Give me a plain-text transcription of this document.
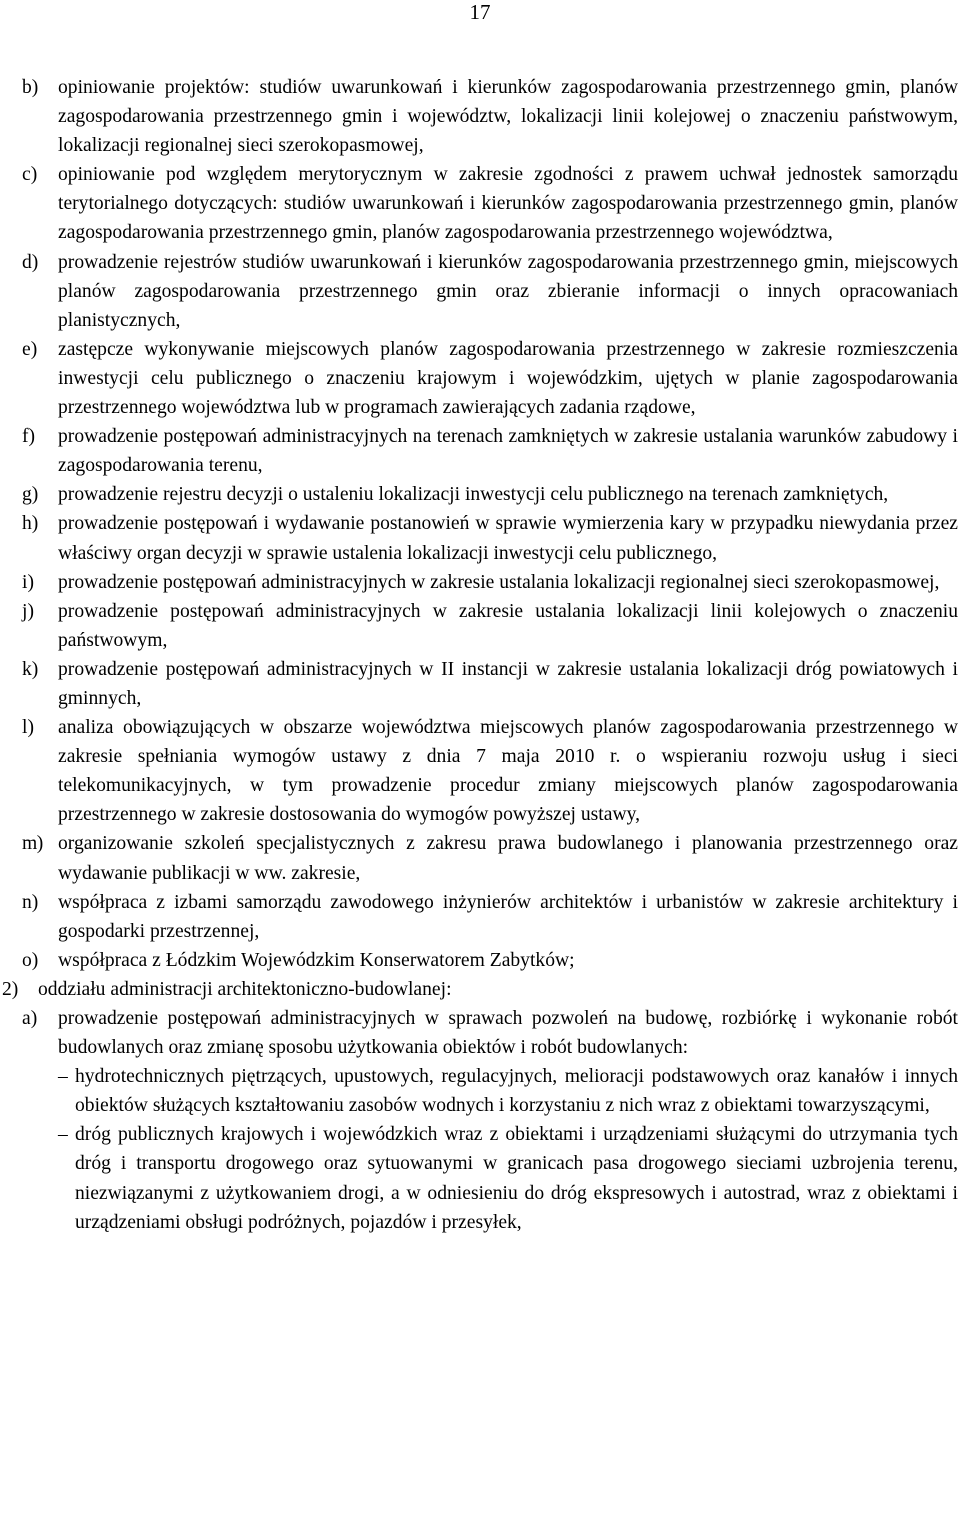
17
b) opiniowanie projektów: studiów uwarunkowań i kierunków zagospodarowania przestrzennego gmin, planów zagospodarowania przestrzennego gmin i województw, lokalizacji linii kolejowej o znaczeniu państwowym, lokalizacji regionalnej sieci szerokopasmowej,
c) opiniowanie pod względem merytorycznym w zakresie zgodności z prawem uchwał jednostek samorządu terytorialnego dotyczących: studiów uwarunkowań i kierunków zagospodarowania przestrzennego gmin, planów zagospodarowania przestrzennego gmin, planów zagospodarowania przestrzennego województwa,
d) prowadzenie rejestrów studiów uwarunkowań i kierunków zagospodarowania przestrzennego gmin, miejscowych planów zagospodarowania przestrzennego gmin oraz zbieranie informacji o innych opracowaniach planistycznych,
e) zastępcze wykonywanie miejscowych planów zagospodarowania przestrzennego w zakresie rozmieszczenia inwestycji celu publicznego o znaczeniu krajowym i wojewódzkim, ujętych w planie zagospodarowania przestrzennego województwa lub w programach zawierających zadania rządowe,
f) prowadzenie postępowań administracyjnych na terenach zamkniętych w zakresie ustalania warunków zabudowy i zagospodarowania terenu,
g) prowadzenie rejestru decyzji o ustaleniu lokalizacji inwestycji celu publicznego na terenach zamkniętych,
h) prowadzenie postępowań i wydawanie postanowień w sprawie wymierzenia kary w przypadku niewydania przez właściwy organ decyzji w sprawie ustalenia lokalizacji inwestycji celu publicznego,
i) prowadzenie postępowań administracyjnych w zakresie ustalania lokalizacji regionalnej sieci szerokopasmowej,
j) prowadzenie postępowań administracyjnych w zakresie ustalania lokalizacji linii kolejowych o znaczeniu państwowym,
k) prowadzenie postępowań administracyjnych w II instancji w zakresie ustalania lokalizacji dróg powiatowych i gminnych,
l) analiza obowiązujących w obszarze województwa miejscowych planów zagospodarowania przestrzennego w zakresie spełniania wymogów ustawy z dnia 7 maja 2010 r. o wspieraniu rozwoju usług i sieci telekomunikacyjnych, w tym prowadzenie procedur zmiany miejscowych planów zagospodarowania przestrzennego w zakresie dostosowania do wymogów powyższej ustawy,
m) organizowanie szkoleń specjalistycznych z zakresu prawa budowlanego i planowania przestrzennego oraz wydawanie publikacji w ww. zakresie,
n) współpraca z izbami samorządu zawodowego inżynierów architektów i urbanistów w zakresie architektury i gospodarki przestrzennej,
o) współpraca z Łódzkim Wojewódzkim Konserwatorem Zabytków;
2) oddziału administracji architektoniczno-budowlanej:
a) prowadzenie postępowań administracyjnych w sprawach pozwoleń na budowę, rozbiórkę i wykonanie robót budowlanych oraz zmianę sposobu użytkowania obiektów i robót budowlanych:
– hydrotechnicznych piętrzących, upustowych, regulacyjnych, melioracji podstawowych oraz kanałów i innych obiektów służących kształtowaniu zasobów wodnych i korzystaniu z nich wraz z obiektami towarzyszącymi,
– dróg publicznych krajowych i wojewódzkich wraz z obiektami i urządzeniami służącymi do utrzymania tych dróg i transportu drogowego oraz sytuowanymi w granicach pasa drogowego sieciami uzbrojenia terenu, niezwiązanymi z użytkowaniem drogi, a w odniesieniu do dróg ekspresowych i autostrad, wraz z obiektami i urządzeniami obsługi podróżnych, pojazdów i przesyłek,
